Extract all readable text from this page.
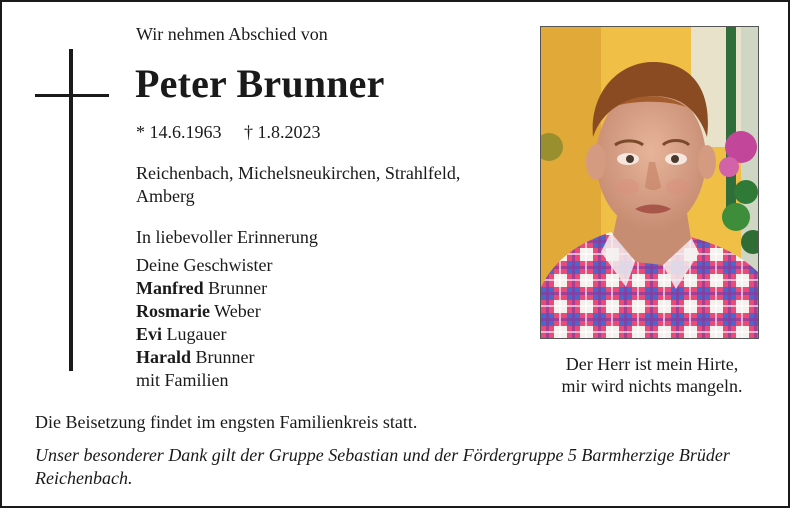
Wir nehmen Abschied von
Peter Brunner
* 14.6.1963 † 1.8.2023
Reichenbach, Michelsneukirchen, Strahlfeld, Amberg
In liebevoller Erinnerung
Deine Geschwister
Manfred Brunner
Rosmarie Weber
Evi Lugauer
Harald Brunner
mit Familien
Der Herr ist mein Hirte,
mir wird nichts mangeln.
Die Beisetzung findet im engsten Familienkreis statt.
Unser besonderer Dank gilt der Gruppe Sebastian und der Fördergruppe 5 Barmherzige Brüder Reichenbach.
